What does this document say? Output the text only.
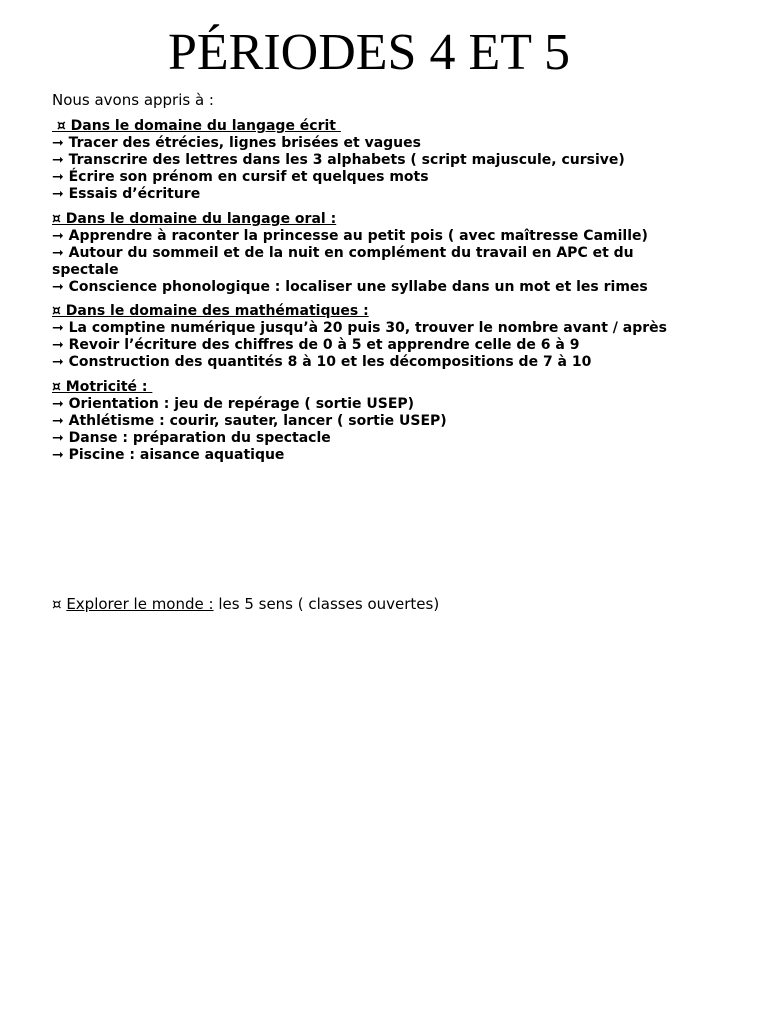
PÉRIODES 4 ET 5

Nous avons appris à :

¤ Dans le domaine du langage écrit

➞ Tracer des étrécies, lignes brisées et vagues
➞ Transcrire des lettres dans les 3 alphabets ( script majuscule, cursive)
➞ Écrire son prénom en cursif et quelques mots
➞ Essais d’écriture

¤ Dans le domaine du langage oral :

➞ Apprendre à raconter la princesse au petit pois ( avec maîtresse Camille)
➞ Autour du sommeil et de la nuit en complément du travail en APC et du spectale
➞ Conscience phonologique : localiser une syllabe dans un mot et les rimes

¤ Dans le domaine des mathématiques :

➞ La comptine numérique jusqu’à 20 puis 30, trouver le nombre avant / après
➞ Revoir l’écriture des chiffres de 0 à 5 et apprendre celle de 6 à 9
➞ Construction des quantités 8 à 10 et les décompositions de 7 à 10

¤ Motricité :

➞ Orientation : jeu de repérage ( sortie USEP)
➞ Athlétisme : courir, sauter, lancer ( sortie USEP)
➞ Danse : préparation du spectacle
➞ Piscine : aisance aquatique

¤ Explorer le monde : les 5 sens ( classes ouvertes)
